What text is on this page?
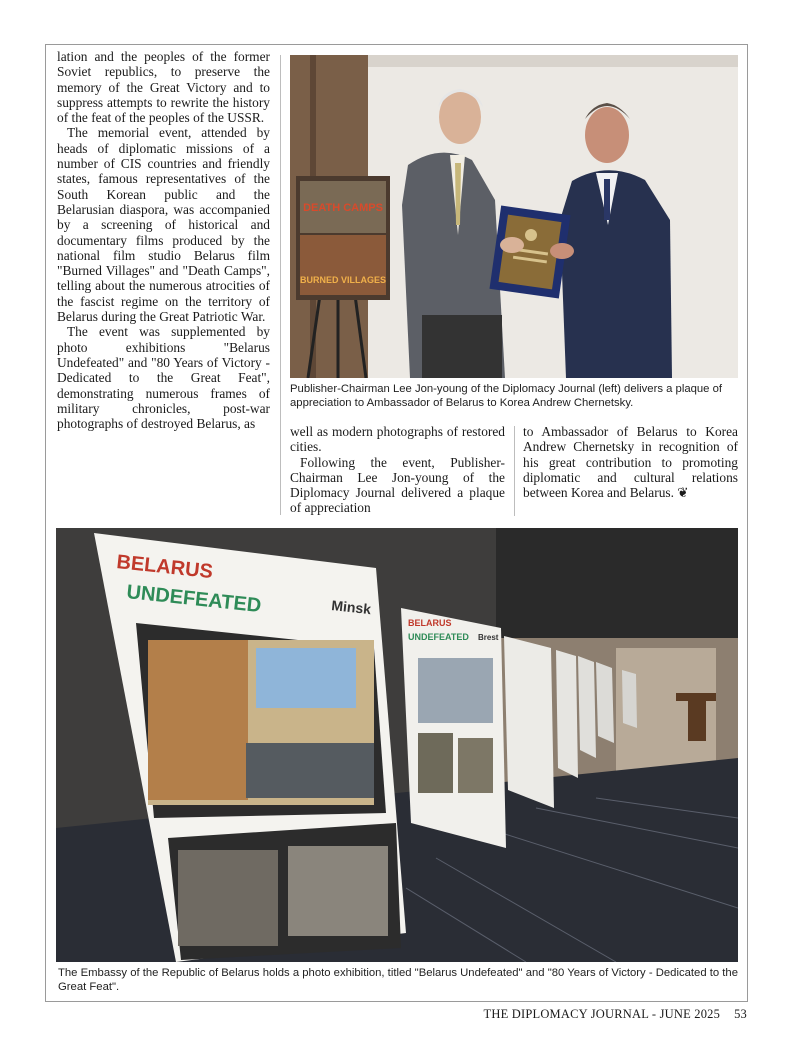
lation and the peoples of the former Soviet republics, to preserve the memory of the Great Victory and to suppress attempts to rewrite the history of the feat of the peoples of the USSR.

The memorial event, attended by heads of diplomatic missions of a number of CIS countries and friendly states, famous representatives of the South Korean public and the Belarusian diaspora, was accompanied by a screening of historical and documentary films produced by the national film studio Belarus film "Burned Villages" and "Death Camps", telling about the numerous atrocities of the fascist regime on the territory of Belarus during the Great Patriotic War.

The event was supplemented by photo exhibitions "Belarus Undefeated" and "80 Years of Victory - Dedicated to the Great Feat", demonstrating numerous frames of military chronicles, post-war photographs of destroyed Belarus, as

DEATH CAMPS
BURNED VILLAGES
Publisher-Chairman Lee Jon-young of the Diplomacy Journal (left) delivers a plaque of appreciation to Ambassador of Belarus to Korea Andrew Chernetsky.

well as modern photographs of restored cities.

Following the event, Publisher-Chairman Lee Jon-young of the Diplomacy Journal delivered a plaque of appreciation

to Ambassador of Belarus to Korea Andrew Chernetsky in recognition of his great contribution to promoting diplomatic and cultural relations between Korea and Belarus. ❦

BELARUS
UNDEFEATED Brest
BELARUS
UNDEFEATED	Minsk
The Embassy of the Republic of Belarus holds a photo exhibition, titled "Belarus Undefeated" and "80 Years of Victory - Dedicated to the Great Feat".
THE DIPLOMACY JOURNAL - JUNE 2025 53
